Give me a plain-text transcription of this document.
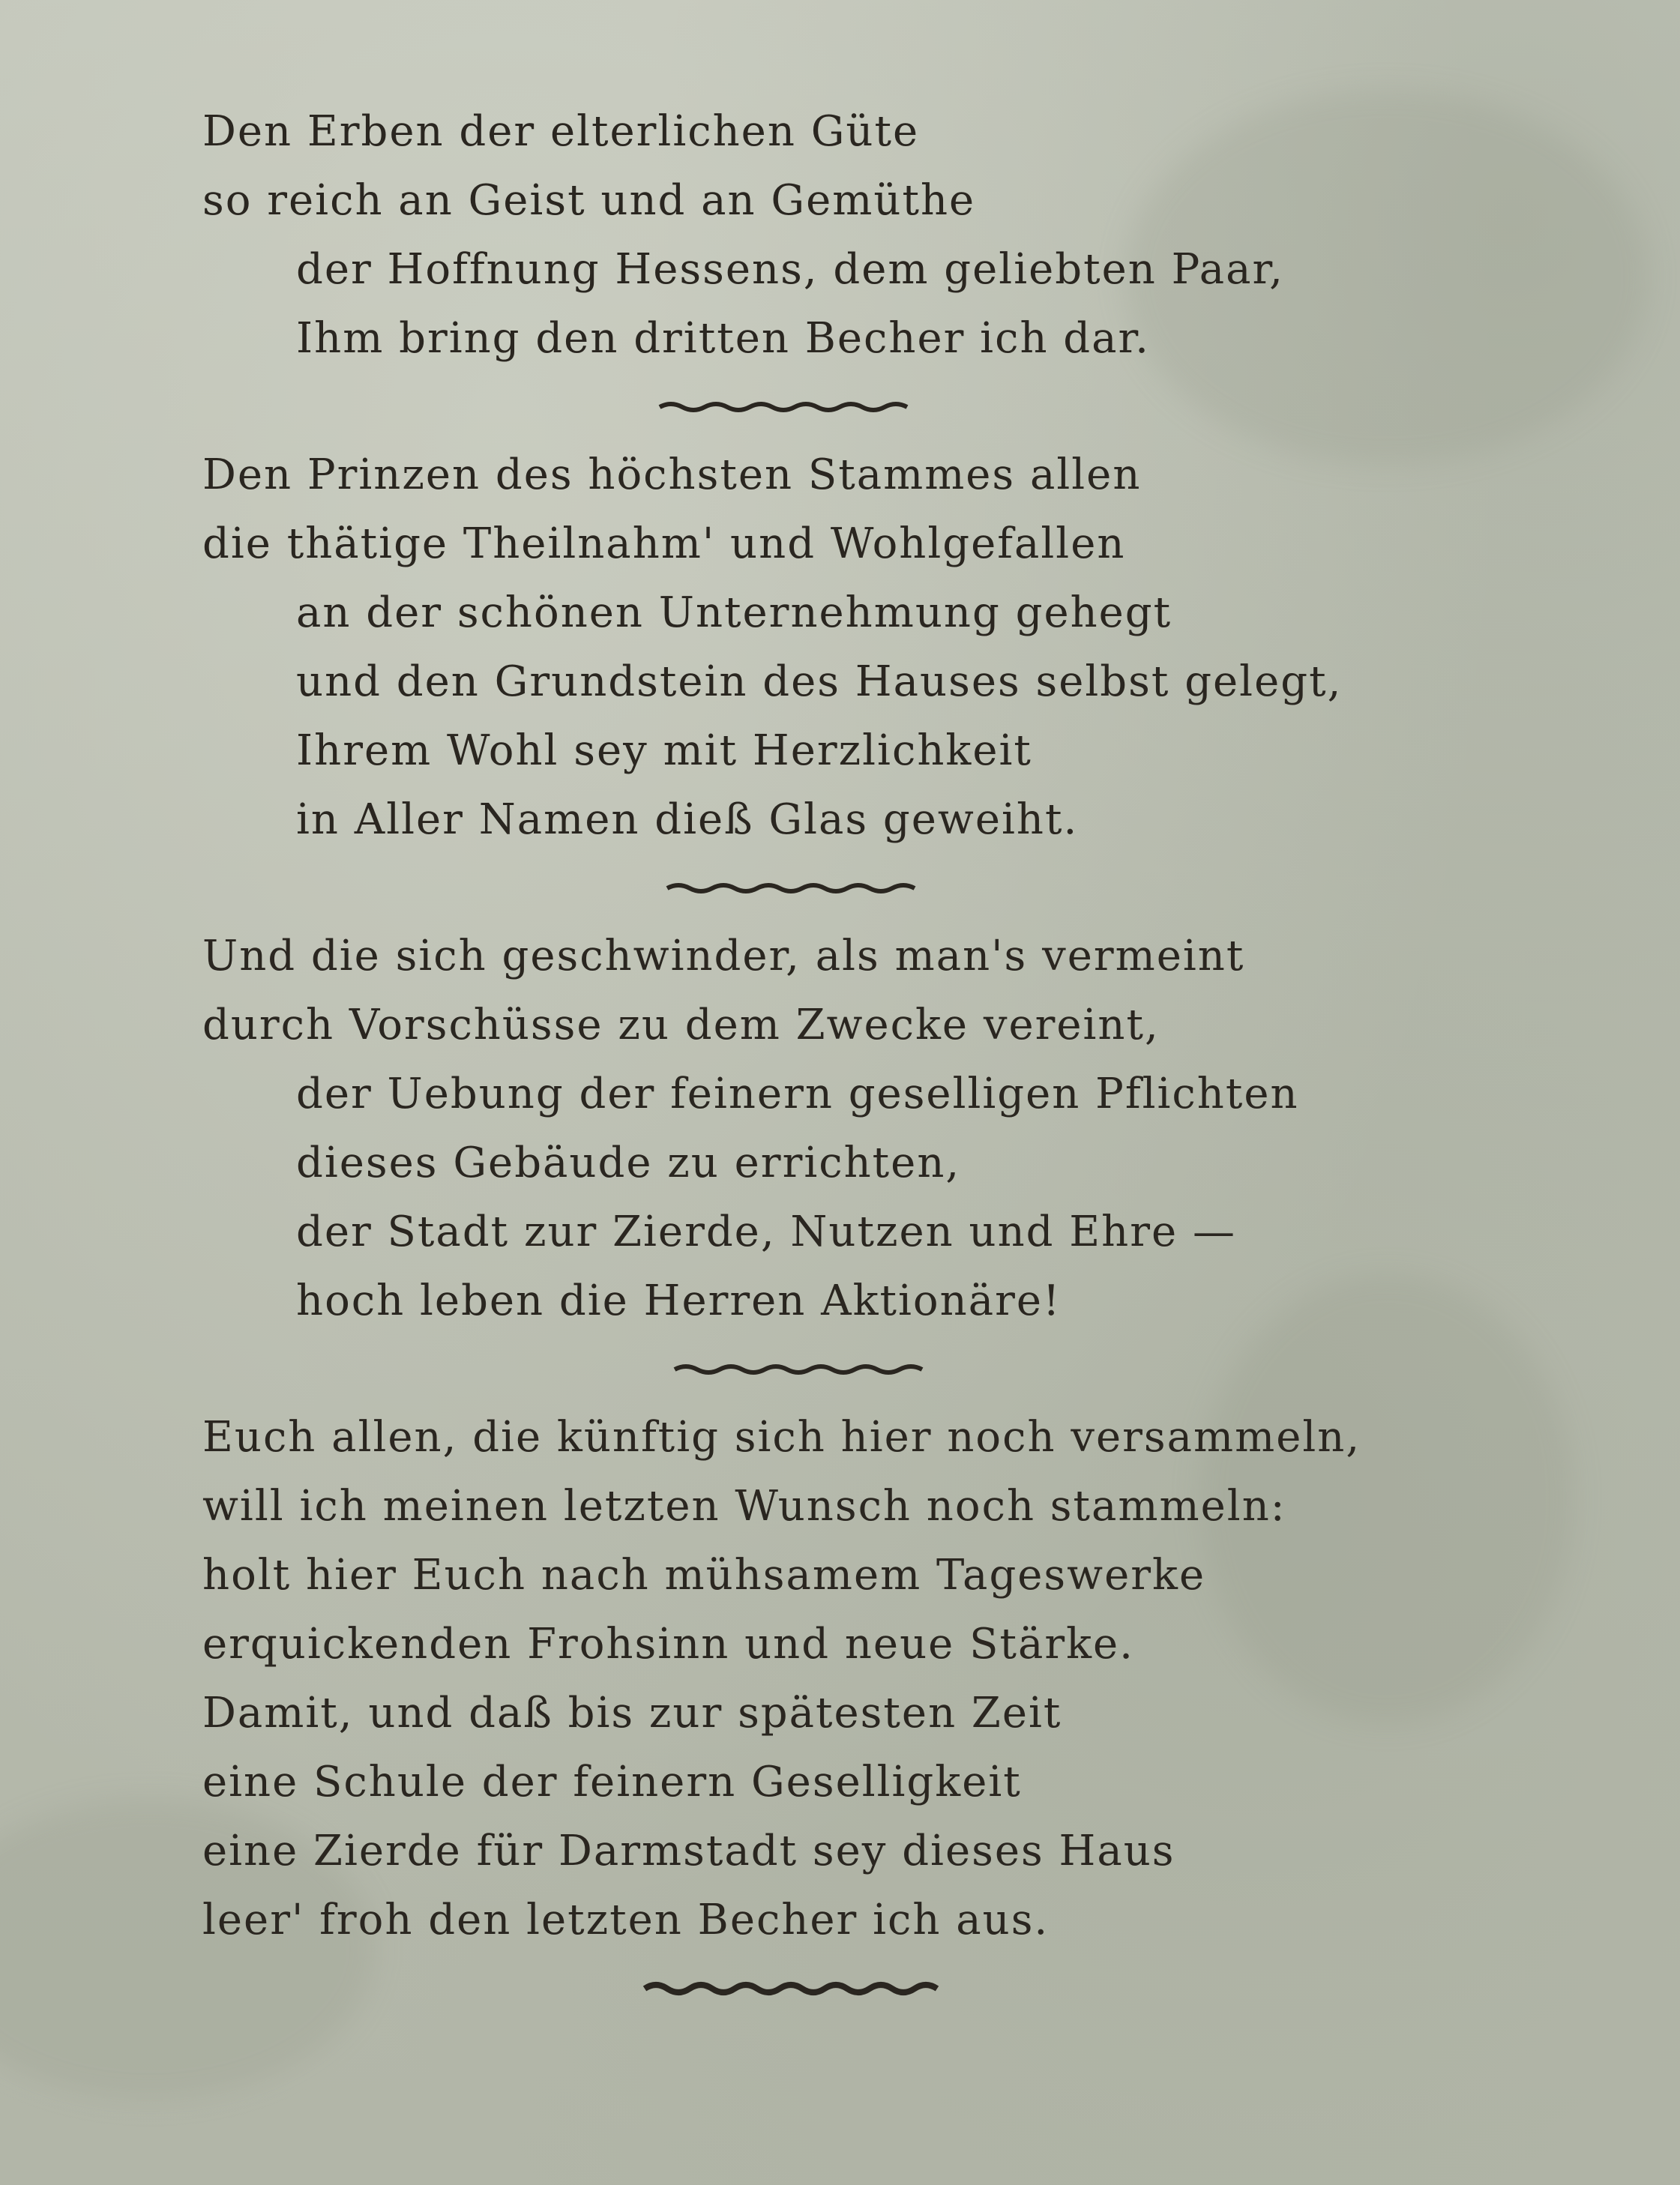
Den Erben der elterlichen Güte
so reich an Geist und an Gemüthe
der Hoffnung Hessens, dem geliebten Paar,
Ihm bring den dritten Becher ich dar.
Den Prinzen des höchsten Stammes allen
die thätige Theilnahm' und Wohlgefallen
an der schönen Unternehmung gehegt
und den Grundstein des Hauses selbst gelegt,
Ihrem Wohl sey mit Herzlichkeit
in Aller Namen dieß Glas geweiht.
Und die sich geschwinder, als man's vermeint
durch Vorschüsse zu dem Zwecke vereint,
der Uebung der feinern geselligen Pflichten
dieses Gebäude zu errichten,
der Stadt zur Zierde, Nutzen und Ehre —
hoch leben die Herren Aktionäre!
Euch allen, die künftig sich hier noch versammeln,
will ich meinen letzten Wunsch noch stammeln:
holt hier Euch nach mühsamem Tageswerke
erquickenden Frohsinn und neue Stärke.
Damit, und daß bis zur spätesten Zeit
eine Schule der feinern Geselligkeit
eine Zierde für Darmstadt sey dieses Haus
leer' froh den letzten Becher ich aus.
